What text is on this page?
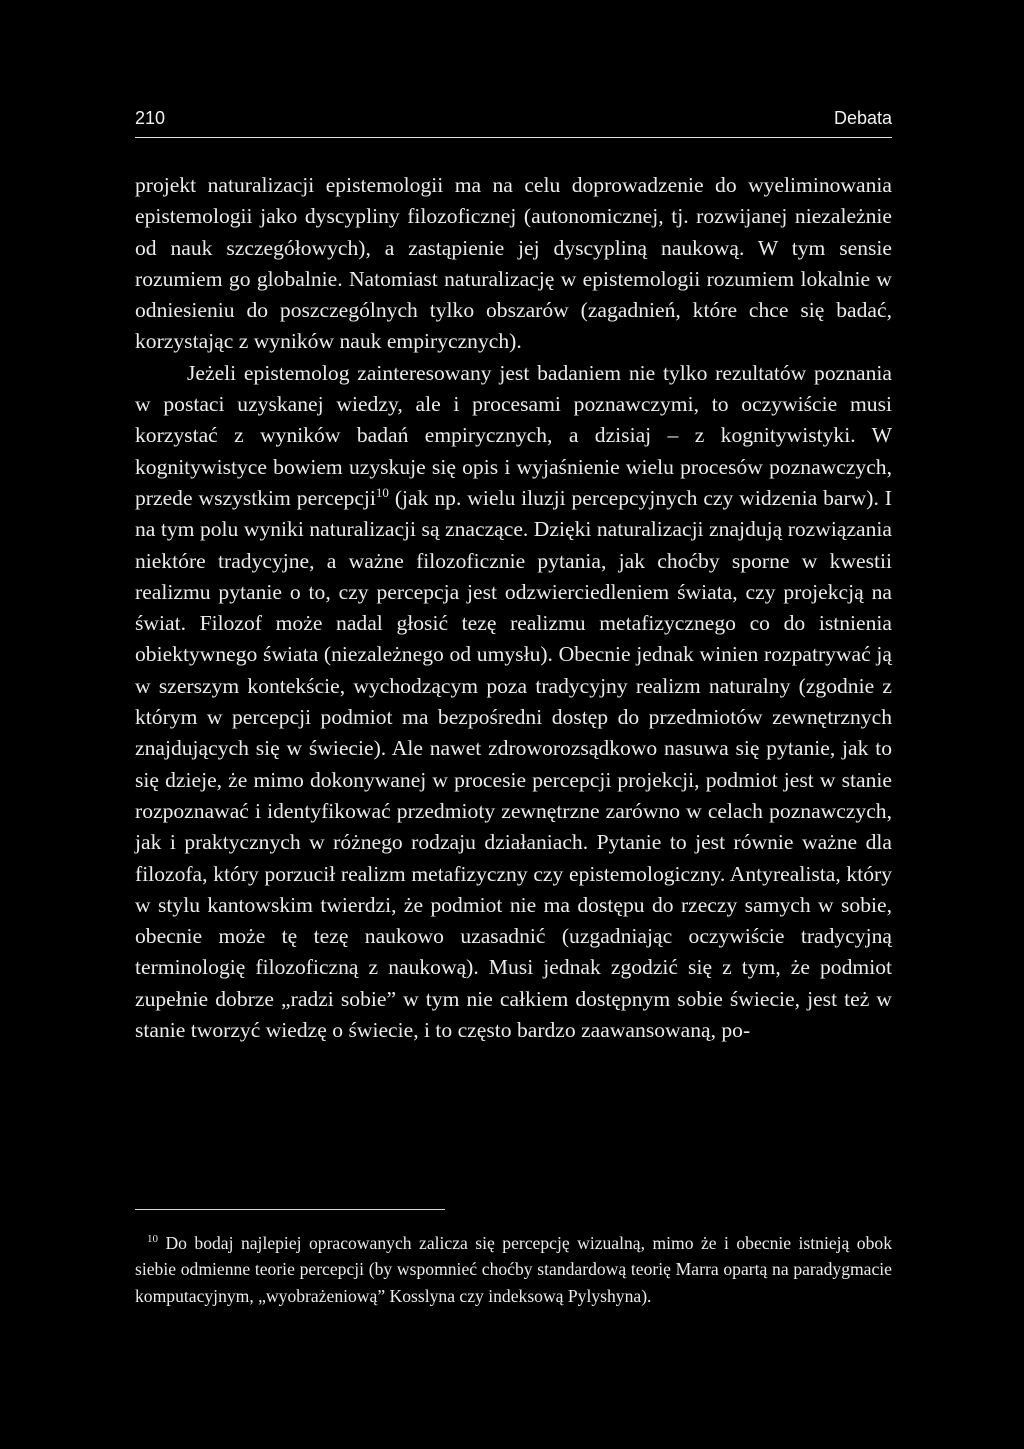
210	Debata

projekt naturalizacji epistemologii ma na celu doprowadzenie do wyeliminowania epistemologii jako dyscypliny filozoficznej (autonomicznej, tj. rozwijanej niezależnie od nauk szczegółowych), a zastąpienie jej dyscypliną naukową. W tym sensie rozumiem go globalnie. Natomiast naturalizację w epistemologii rozumiem lokalnie w odniesieniu do poszczególnych tylko obszarów (zagadnień, które chce się badać, korzystając z wyników nauk empirycznych).

Jeżeli epistemolog zainteresowany jest badaniem nie tylko rezultatów poznania w postaci uzyskanej wiedzy, ale i procesami poznawczymi, to oczywiście musi korzystać z wyników badań empirycznych, a dzisiaj – z kognitywistyki. W kognitywistyce bowiem uzyskuje się opis i wyjaśnienie wielu procesów poznawczych, przede wszystkim percepcji$^{10}$ (jak np. wielu iluzji percepcyjnych czy widzenia barw). I na tym polu wyniki naturalizacji są znaczące. Dzięki naturalizacji znajdują rozwiązania niektóre tradycyjne, a ważne filozoficznie pytania, jak choćby sporne w kwestii realizmu pytanie o to, czy percepcja jest odzwierciedleniem świata, czy projekcją na świat. Filozof może nadal głosić tezę realizmu metafizycznego co do istnienia obiektywnego świata (niezależnego od umysłu). Obecnie jednak winien rozpatrywać ją w szerszym kontekście, wychodzącym poza tradycyjny realizm naturalny (zgodnie z którym w percepcji podmiot ma bezpośredni dostęp do przedmiotów zewnętrznych znajdujących się w świecie). Ale nawet zdroworozsądkowo nasuwa się pytanie, jak to się dzieje, że mimo dokonywanej w procesie percepcji projekcji, podmiot jest w stanie rozpoznawać i identyfikować przedmioty zewnętrzne zarówno w celach poznawczych, jak i praktycznych w różnego rodzaju działaniach. Pytanie to jest równie ważne dla filozofa, który porzucił realizm metafizyczny czy epistemologiczny. Antyrealista, który w stylu kantowskim twierdzi, że podmiot nie ma dostępu do rzeczy samych w sobie, obecnie może tę tezę naukowo uzasadnić (uzgadniając oczywiście tradycyjną terminologię filozoficzną z naukową). Musi jednak zgodzić się z tym, że podmiot zupełnie dobrze „radzi sobie” w tym nie całkiem dostępnym sobie świecie, jest też w stanie tworzyć wiedzę o świecie, i to często bardzo zaawansowaną, po-

$^{10}$ Do bodaj najlepiej opracowanych zalicza się percepcję wizualną, mimo że i obecnie istnieją obok siebie odmienne teorie percepcji (by wspomnieć choćby standardową teorię Marra opartą na paradygmacie komputacyjnym, „wyobrażeniową” Kosslyna czy indeksową Pylyshyna).
